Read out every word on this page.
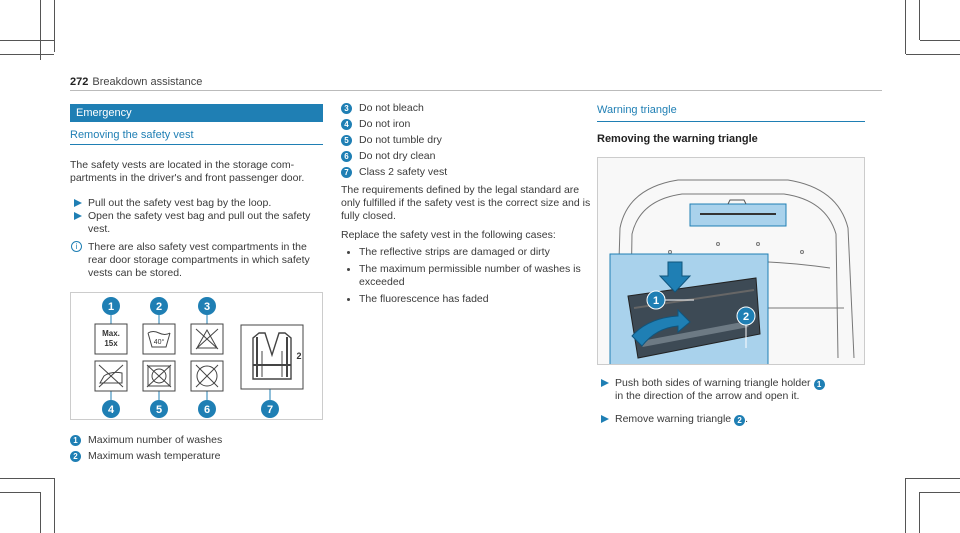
272 Breakdown assistance
Emergency
Removing the safety vest

The safety vests are located in the storage com- partments in the driver's and front passenger door.

Pull out the safety vest bag by the loop.
Open the safety vest bag and pull out the safety vest.
i	There are also safety vest compartments in the rear door storage compartments in which safety vests can be stored.
1	2	3
4	5	6	7
Max.
15x	40°
2
1 Maximum number of washes
2 Maximum wash temperature
3 Do not bleach
4 Do not iron
5 Do not tumble dry
6 Do not dry clean
7 Class 2 safety vest

The requirements defined by the legal standard are only fulfilled if the safety vest is the correct size and is fully closed.

Replace the safety vest in the following cases:

The reflective strips are damaged or dirty
The maximum permissible number of washes is exceeded
The fluorescence has faded
Warning triangle
Removing the warning triangle
1
2
Push both sides of warning triangle holder 1
in the direction of the arrow and open it.
Remove warning triangle 2 .
